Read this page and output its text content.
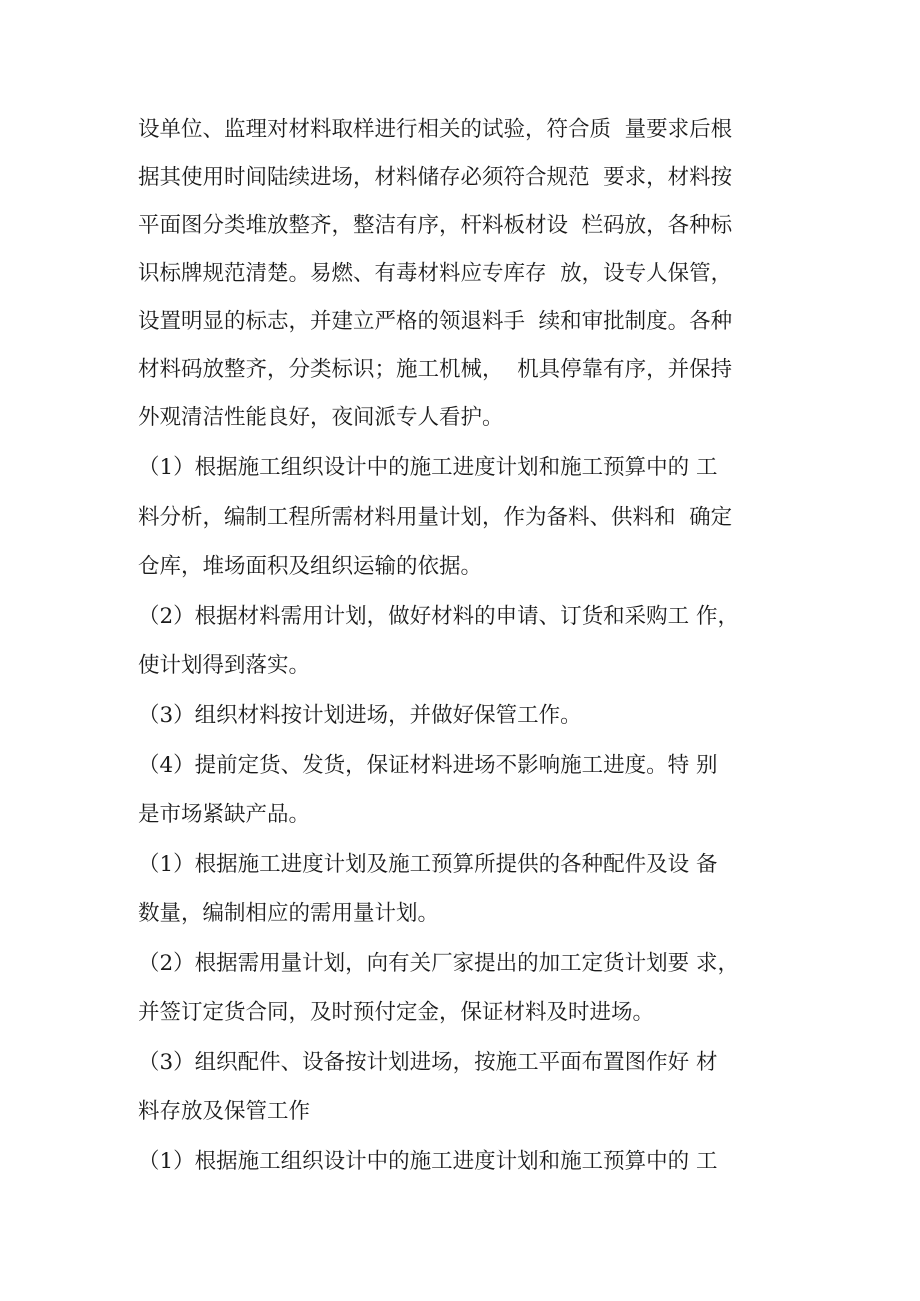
设单位、监理对材料取样进行相关的试验，符合质  量要求后根
据其使用时间陆续进场，材料储存必须符合规范  要求，材料按
平面图分类堆放整齐，整洁有序，杆料板材设  栏码放，各种标
识标牌规范清楚。易燃、有毒材料应专库存  放，设专人保管，
设置明显的标志，并建立严格的领退料手  续和审批制度。各种
材料码放整齐，分类标识；施工机械，  机具停靠有序，并保持
外观清洁性能良好，夜间派专人看护。
（1）根据施工组织设计中的施工进度计划和施工预算中的 工
料分析，编制工程所需材料用量计划，作为备料、供料和  确定
仓库，堆场面积及组织运输的依据。
（2）根据材料需用计划，做好材料的申请、订货和采购工 作，
使计划得到落实。
（3）组织材料按计划进场，并做好保管工作。
（4）提前定货、发货，保证材料进场不影响施工进度。特 别
是市场紧缺产品。
（1）根据施工进度计划及施工预算所提供的各种配件及设 备
数量，编制相应的需用量计划。
（2）根据需用量计划，向有关厂家提出的加工定货计划要 求，
并签订定货合同，及时预付定金，保证材料及时进场。
（3）组织配件、设备按计划进场，按施工平面布置图作好 材
料存放及保管工作
（1）根据施工组织设计中的施工进度计划和施工预算中的 工
